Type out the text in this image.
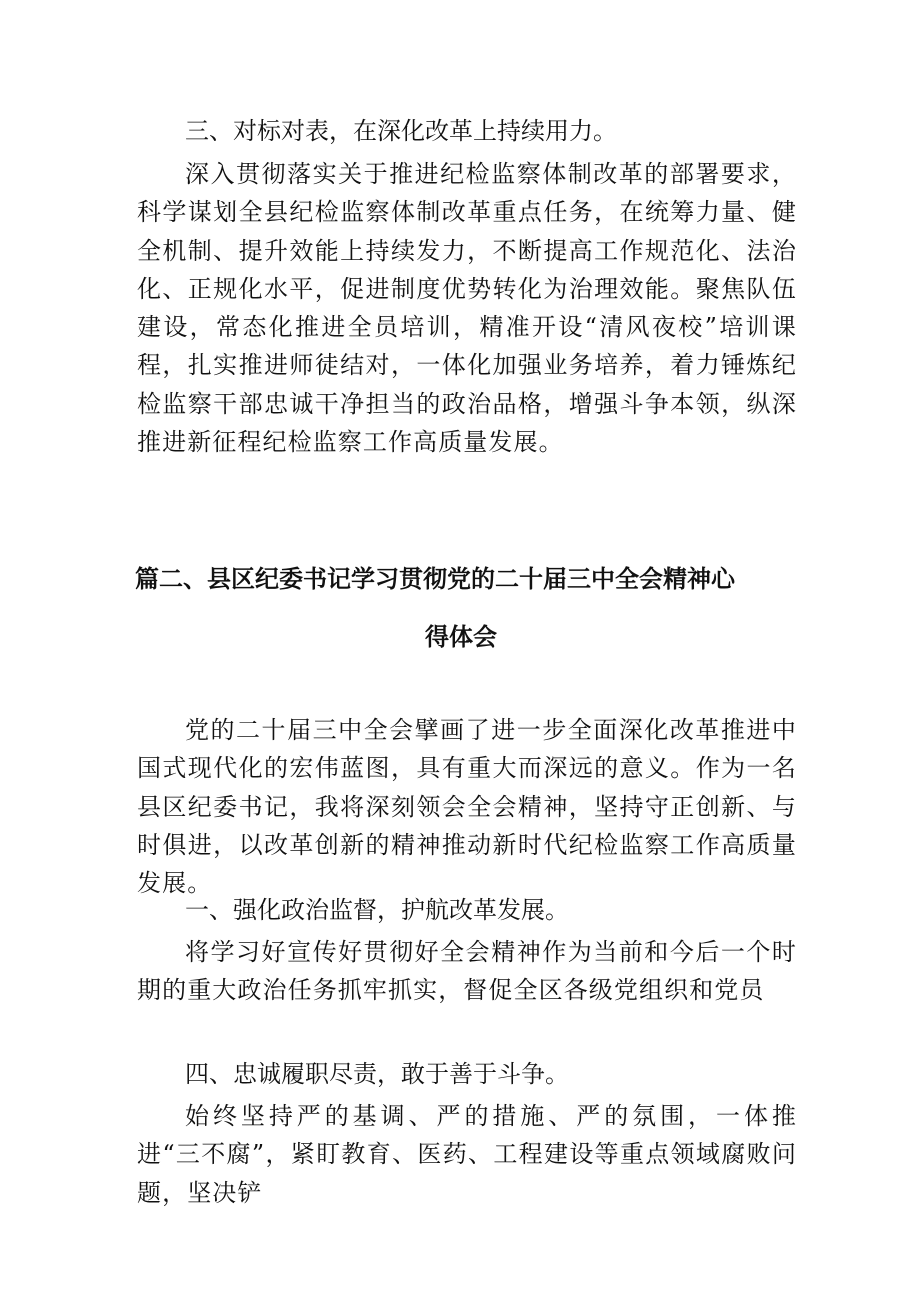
三、对标对表，在深化改革上持续用力。

深入贯彻落实关于推进纪检监察体制改革的部署要求，科学谋划全县纪检监察体制改革重点任务，在统筹力量、健全机制、提升效能上持续发力，不断提高工作规范化、法治化、正规化水平，促进制度优势转化为治理效能。聚焦队伍建设，常态化推进全员培训，精准开设“清风夜校”培训课程，扎实推进师徒结对，一体化加强业务培养，着力锤炼纪检监察干部忠诚干净担当的政治品格，增强斗争本领，纵深推进新征程纪检监察工作高质量发展。

篇二、县区纪委书记学习贯彻党的二十届三中全会精神心
得体会

党的二十届三中全会擘画了进一步全面深化改革推进中国式现代化的宏伟蓝图，具有重大而深远的意义。作为一名县区纪委书记，我将深刻领会全会精神，坚持守正创新、与时俱进，以改革创新的精神推动新时代纪检监察工作高质量发展。

一、强化政治监督，护航改革发展。

将学习好宣传好贯彻好全会精神作为当前和今后一个时期的重大政治任务抓牢抓实，督促全区各级党组织和党员

四、忠诚履职尽责，敢于善于斗争。

始终坚持严的基调、严的措施、严的氛围，一体推进“三不腐”，紧盯教育、医药、工程建设等重点领域腐败问题，坚决铲
